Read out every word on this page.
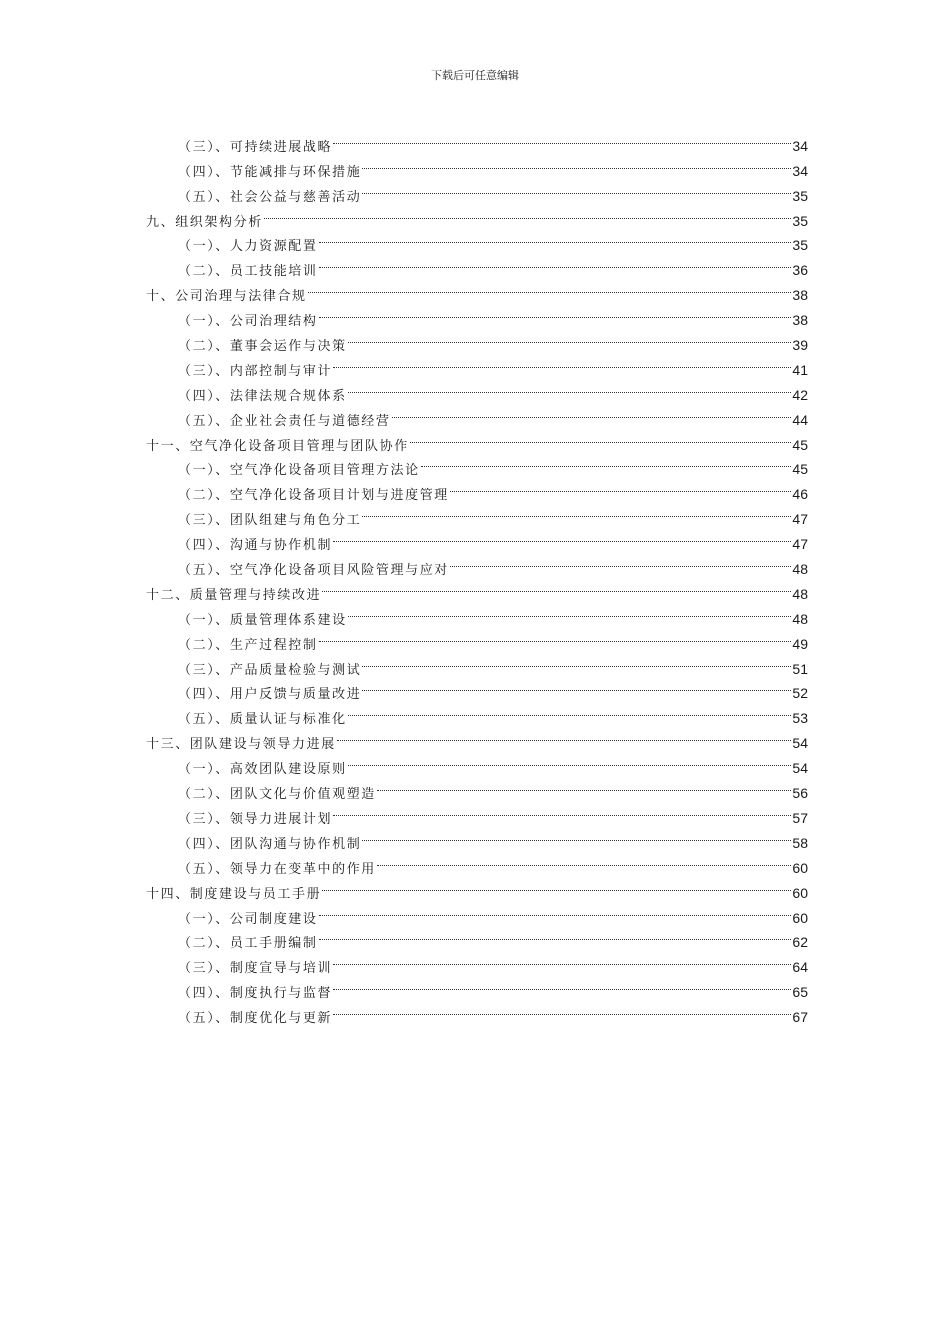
下载后可任意编辑
（三）、可持续进展战略	34
（四）、节能减排与环保措施	34
（五）、社会公益与慈善活动	35
九、组织架构分析	35
（一）、人力资源配置	35
（二）、员工技能培训	36
十、公司治理与法律合规	38
（一）、公司治理结构	38
（二）、董事会运作与决策	39
（三）、内部控制与审计	41
（四）、法律法规合规体系	42
（五）、企业社会责任与道德经营	44
十一、空气净化设备项目管理与团队协作	45
（一）、空气净化设备项目管理方法论	45
（二）、空气净化设备项目计划与进度管理	46
（三）、团队组建与角色分工	47
（四）、沟通与协作机制	47
（五）、空气净化设备项目风险管理与应对	48
十二、质量管理与持续改进	48
（一）、质量管理体系建设	48
（二）、生产过程控制	49
（三）、产品质量检验与测试	51
（四）、用户反馈与质量改进	52
（五）、质量认证与标准化	53
十三、团队建设与领导力进展	54
（一）、高效团队建设原则	54
（二）、团队文化与价值观塑造	56
（三）、领导力进展计划	57
（四）、团队沟通与协作机制	58
（五）、领导力在变革中的作用	60
十四、制度建设与员工手册	60
（一）、公司制度建设	60
（二）、员工手册编制	62
（三）、制度宣导与培训	64
（四）、制度执行与监督	65
（五）、制度优化与更新	67
